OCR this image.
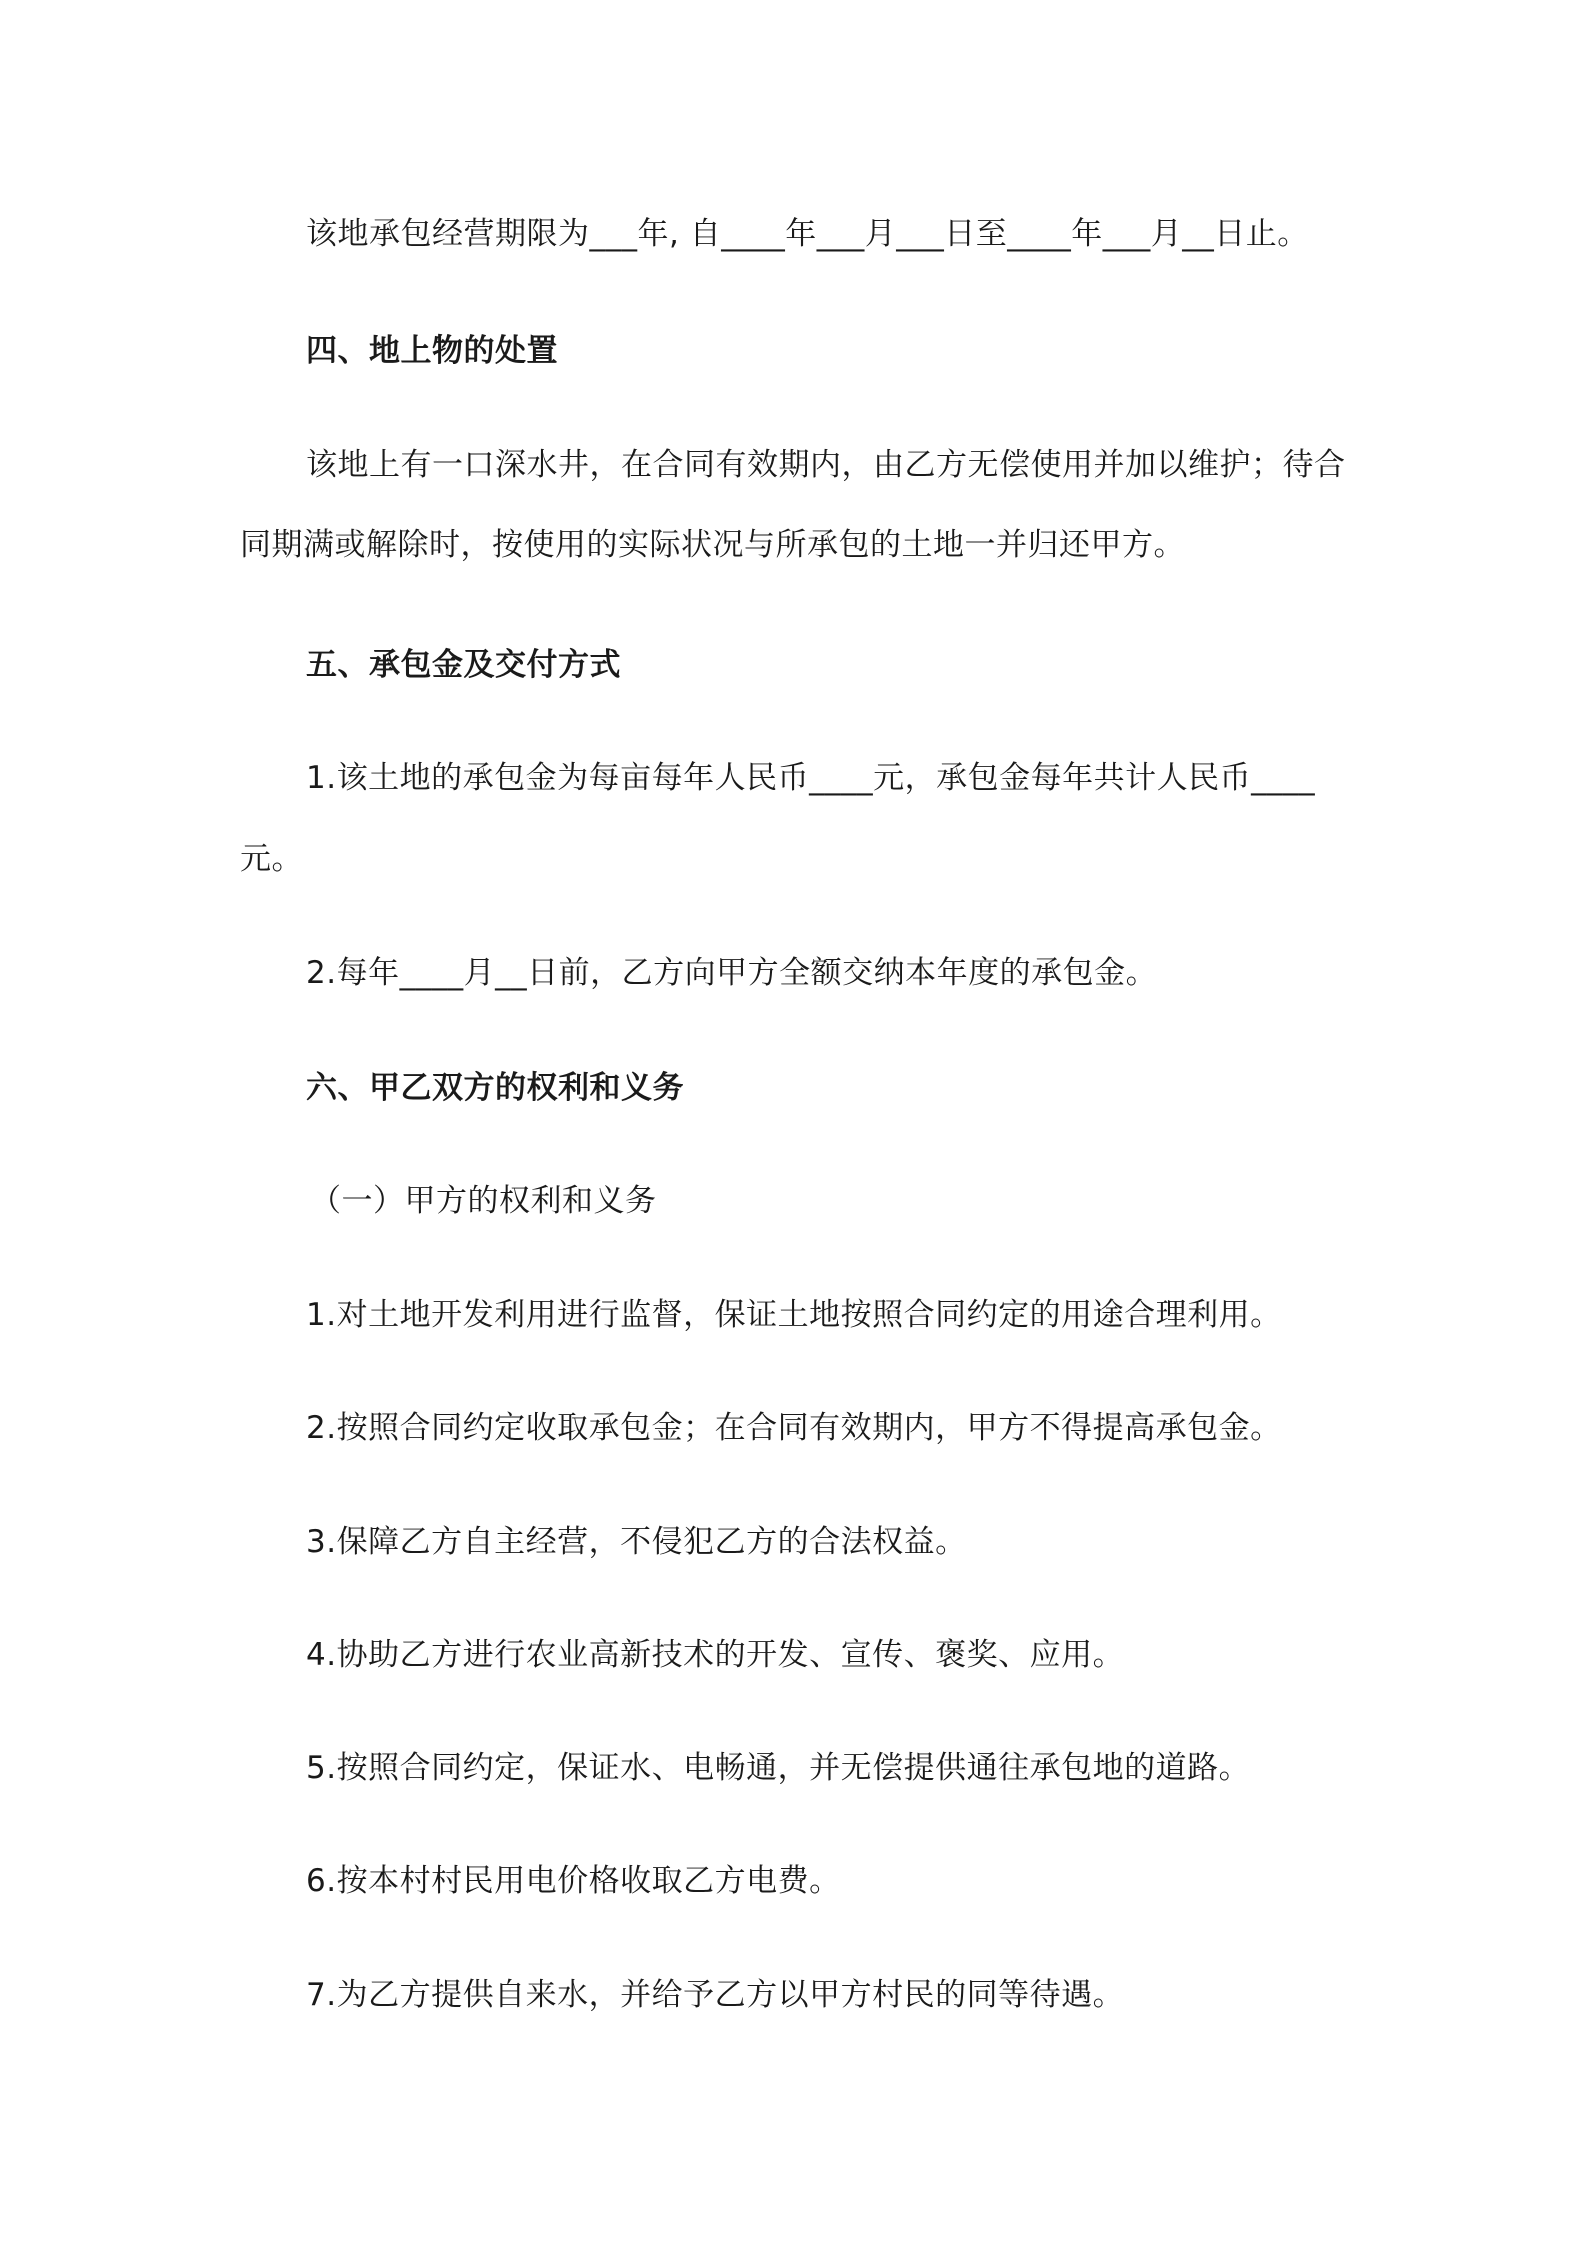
该地承包经营期限为___年, 自____年___月___日至____年___月__日止。

四、地上物的处置

该地上有一口深水井，在合同有效期内，由乙方无偿使用并加以维护；待合

同期满或解除时，按使用的实际状况与所承包的土地一并归还甲方。

五、承包金及交付方式

1.该土地的承包金为每亩每年人民币____元，承包金每年共计人民币____

元。

2.每年____月__日前，乙方向甲方全额交纳本年度的承包金。

六、甲乙双方的权利和义务

（一）甲方的权利和义务

1.对土地开发利用进行监督，保证土地按照合同约定的用途合理利用。

2.按照合同约定收取承包金；在合同有效期内，甲方不得提高承包金。

3.保障乙方自主经营，不侵犯乙方的合法权益。

4.协助乙方进行农业高新技术的开发、宣传、褒奖、应用。

5.按照合同约定，保证水、电畅通，并无偿提供通往承包地的道路。

6.按本村村民用电价格收取乙方电费。

7.为乙方提供自来水，并给予乙方以甲方村民的同等待遇。
